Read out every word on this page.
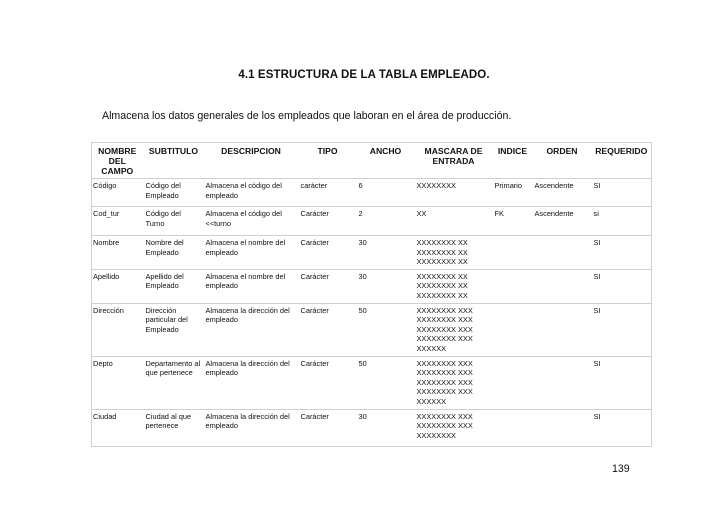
4.1 ESTRUCTURA DE LA TABLA EMPLEADO.
Almacena los datos generales de los empleados que laboran en el área de producción.
NOMBRE DEL CAMPO	SUBTITULO	DESCRIPCION	TIPO	ANCHO	MASCARA DE ENTRADA	INDICE	ORDEN	REQUERIDO
Código	Código del Empleado	Almacena el código del empleado	carácter	6	XXXXXXXX	Primario	Ascendente	SI
Cod_tur	Código del Turno	Almacena el código del <<turno	Carácter	2	XX	FK	Ascendente	si
Nombre	Nombre del Empleado	Almacena el nombre del empleado	Carácter	30	XXXXXXXX XX XXXXXXXX XX XXXXXXXX XX			SI
Apellido	Apellido del Empleado	Almacena el nombre del empleado	Carácter	30	XXXXXXXX XX XXXXXXXX XX XXXXXXXX XX			SI
Dirección	Dirección particular del Empleado	Almacena la dirección del empleado	Carácter	50	XXXXXXXX XXX XXXXXXXX XXX XXXXXXXX XXX XXXXXXXX XXX XXXXXX			SI
Depto	Departamento al que pertenece	Almacena la dirección del empleado	Carácter	50	XXXXXXXX XXX XXXXXXXX XXX XXXXXXXX XXX XXXXXXXX XXX XXXXXX			SI
Ciudad	Ciudad al que pertenece	Almacena la dirección del empleado	Carácter	30	XXXXXXXX XXX XXXXXXXX XXX XXXXXXXX			SI
139
